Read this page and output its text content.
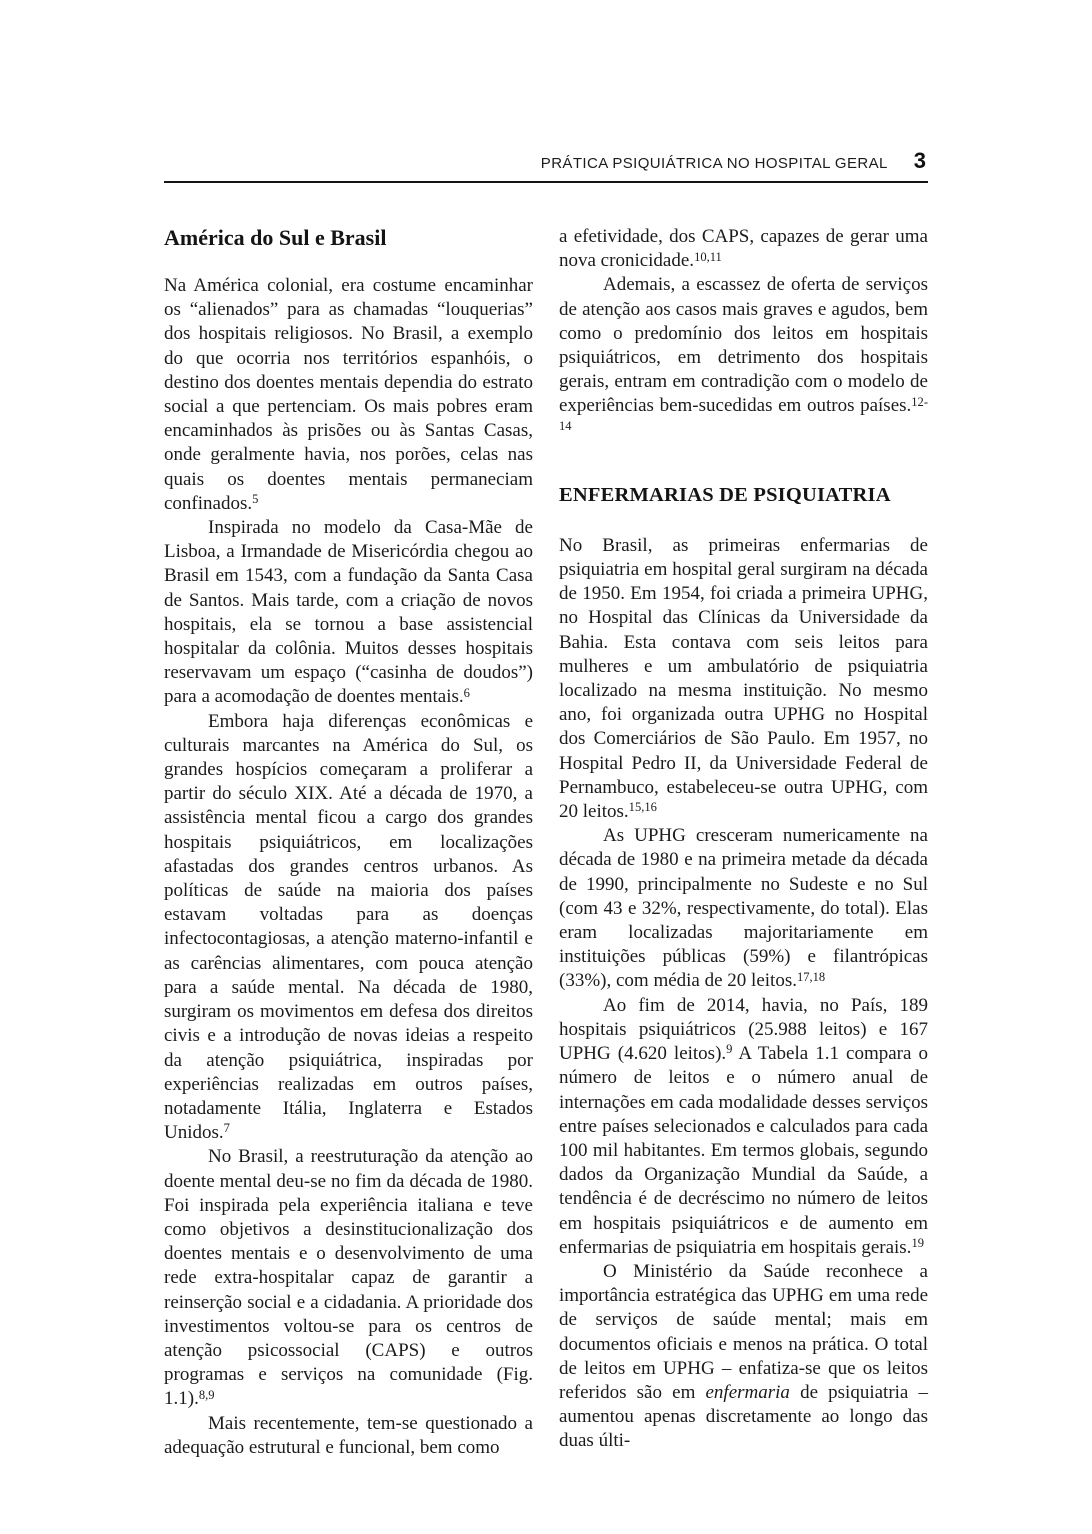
PRÁTICA PSIQUIÁTRICA NO HOSPITAL GERAL 3
América do Sul e Brasil

Na América colonial, era costume encaminhar os “alienados” para as chamadas “louquerias” dos hospitais religiosos. No Brasil, a exemplo do que ocorria nos territórios espanhóis, o destino dos doentes mentais dependia do estrato social a que pertenciam. Os mais pobres eram encaminhados às prisões ou às Santas Casas, onde geralmente havia, nos porões, celas nas quais os doentes mentais permaneciam confinados.$^5$

Inspirada no modelo da Casa-Mãe de Lisboa, a Irmandade de Misericórdia chegou ao Brasil em 1543, com a fundação da Santa Casa de Santos. Mais tarde, com a criação de novos hospitais, ela se tornou a base assistencial hospitalar da colônia. Muitos desses hospitais reservavam um espaço (“casinha de doudos”) para a acomodação de doentes mentais.$^6$

Embora haja diferenças econômicas e culturais marcantes na América do Sul, os grandes hospícios começaram a proliferar a partir do século XIX. Até a década de 1970, a assistência mental ficou a cargo dos grandes hospitais psiquiátricos, em localizações afastadas dos grandes centros urbanos. As políticas de saúde na maioria dos países estavam voltadas para as doenças infectocontagiosas, a atenção materno-infantil e as carências alimentares, com pouca atenção para a saúde mental. Na década de 1980, surgiram os movimentos em defesa dos direitos civis e a introdução de novas ideias a respeito da atenção psiquiátrica, inspiradas por experiências realizadas em outros países, notadamente Itália, Inglaterra e Estados Unidos.$^7$

No Brasil, a reestruturação da atenção ao doente mental deu-se no fim da década de 1980. Foi inspirada pela experiência italiana e teve como objetivos a desinstitucionalização dos doentes mentais e o desenvolvimento de uma rede extra-hospitalar capaz de garantir a reinserção social e a cidadania. A prioridade dos investimentos voltou-se para os centros de atenção psicossocial (CAPS) e outros programas e serviços na comunidade (Fig. 1.1).$^{8,9}$

Mais recentemente, tem-se questionado a adequação estrutural e funcional, bem como

a efetividade, dos CAPS, capazes de gerar uma nova cronicidade.$^{10,11}$

Ademais, a escassez de oferta de serviços de atenção aos casos mais graves e agudos, bem como o predomínio dos leitos em hospitais psiquiátricos, em detrimento dos hospitais gerais, entram em contradição com o modelo de experiências bem-sucedidas em outros países.$^{12-14}$

ENFERMARIAS DE PSIQUIATRIA

No Brasil, as primeiras enfermarias de psiquiatria em hospital geral surgiram na década de 1950. Em 1954, foi criada a primeira UPHG, no Hospital das Clínicas da Universidade da Bahia. Esta contava com seis leitos para mulheres e um ambulatório de psiquiatria localizado na mesma instituição. No mesmo ano, foi organizada outra UPHG no Hospital dos Comerciários de São Paulo. Em 1957, no Hospital Pedro II, da Universidade Federal de Pernambuco, estabeleceu-se outra UPHG, com 20 leitos.$^{15,16}$

As UPHG cresceram numericamente na década de 1980 e na primeira metade da década de 1990, principalmente no Sudeste e no Sul (com 43 e 32%, respectivamente, do total). Elas eram localizadas majoritariamente em instituições públicas (59%) e filantrópicas (33%), com média de 20 leitos.$^{17,18}$

Ao fim de 2014, havia, no País, 189 hospitais psiquiátricos (25.988 leitos) e 167 UPHG (4.620 leitos).$^9$ A Tabela 1.1 compara o número de leitos e o número anual de internações em cada modalidade desses serviços entre países selecionados e calculados para cada 100 mil habitantes. Em termos globais, segundo dados da Organização Mundial da Saúde, a tendência é de decréscimo no número de leitos em hospitais psiquiátricos e de aumento em enfermarias de psiquiatria em hospitais gerais.$^{19}$

O Ministério da Saúde reconhece a importância estratégica das UPHG em uma rede de serviços de saúde mental; mais em documentos oficiais e menos na prática. O total de leitos em UPHG – enfatiza-se que os leitos referidos são em enfermaria de psiquiatria – aumentou apenas discretamente ao longo das duas últi-
